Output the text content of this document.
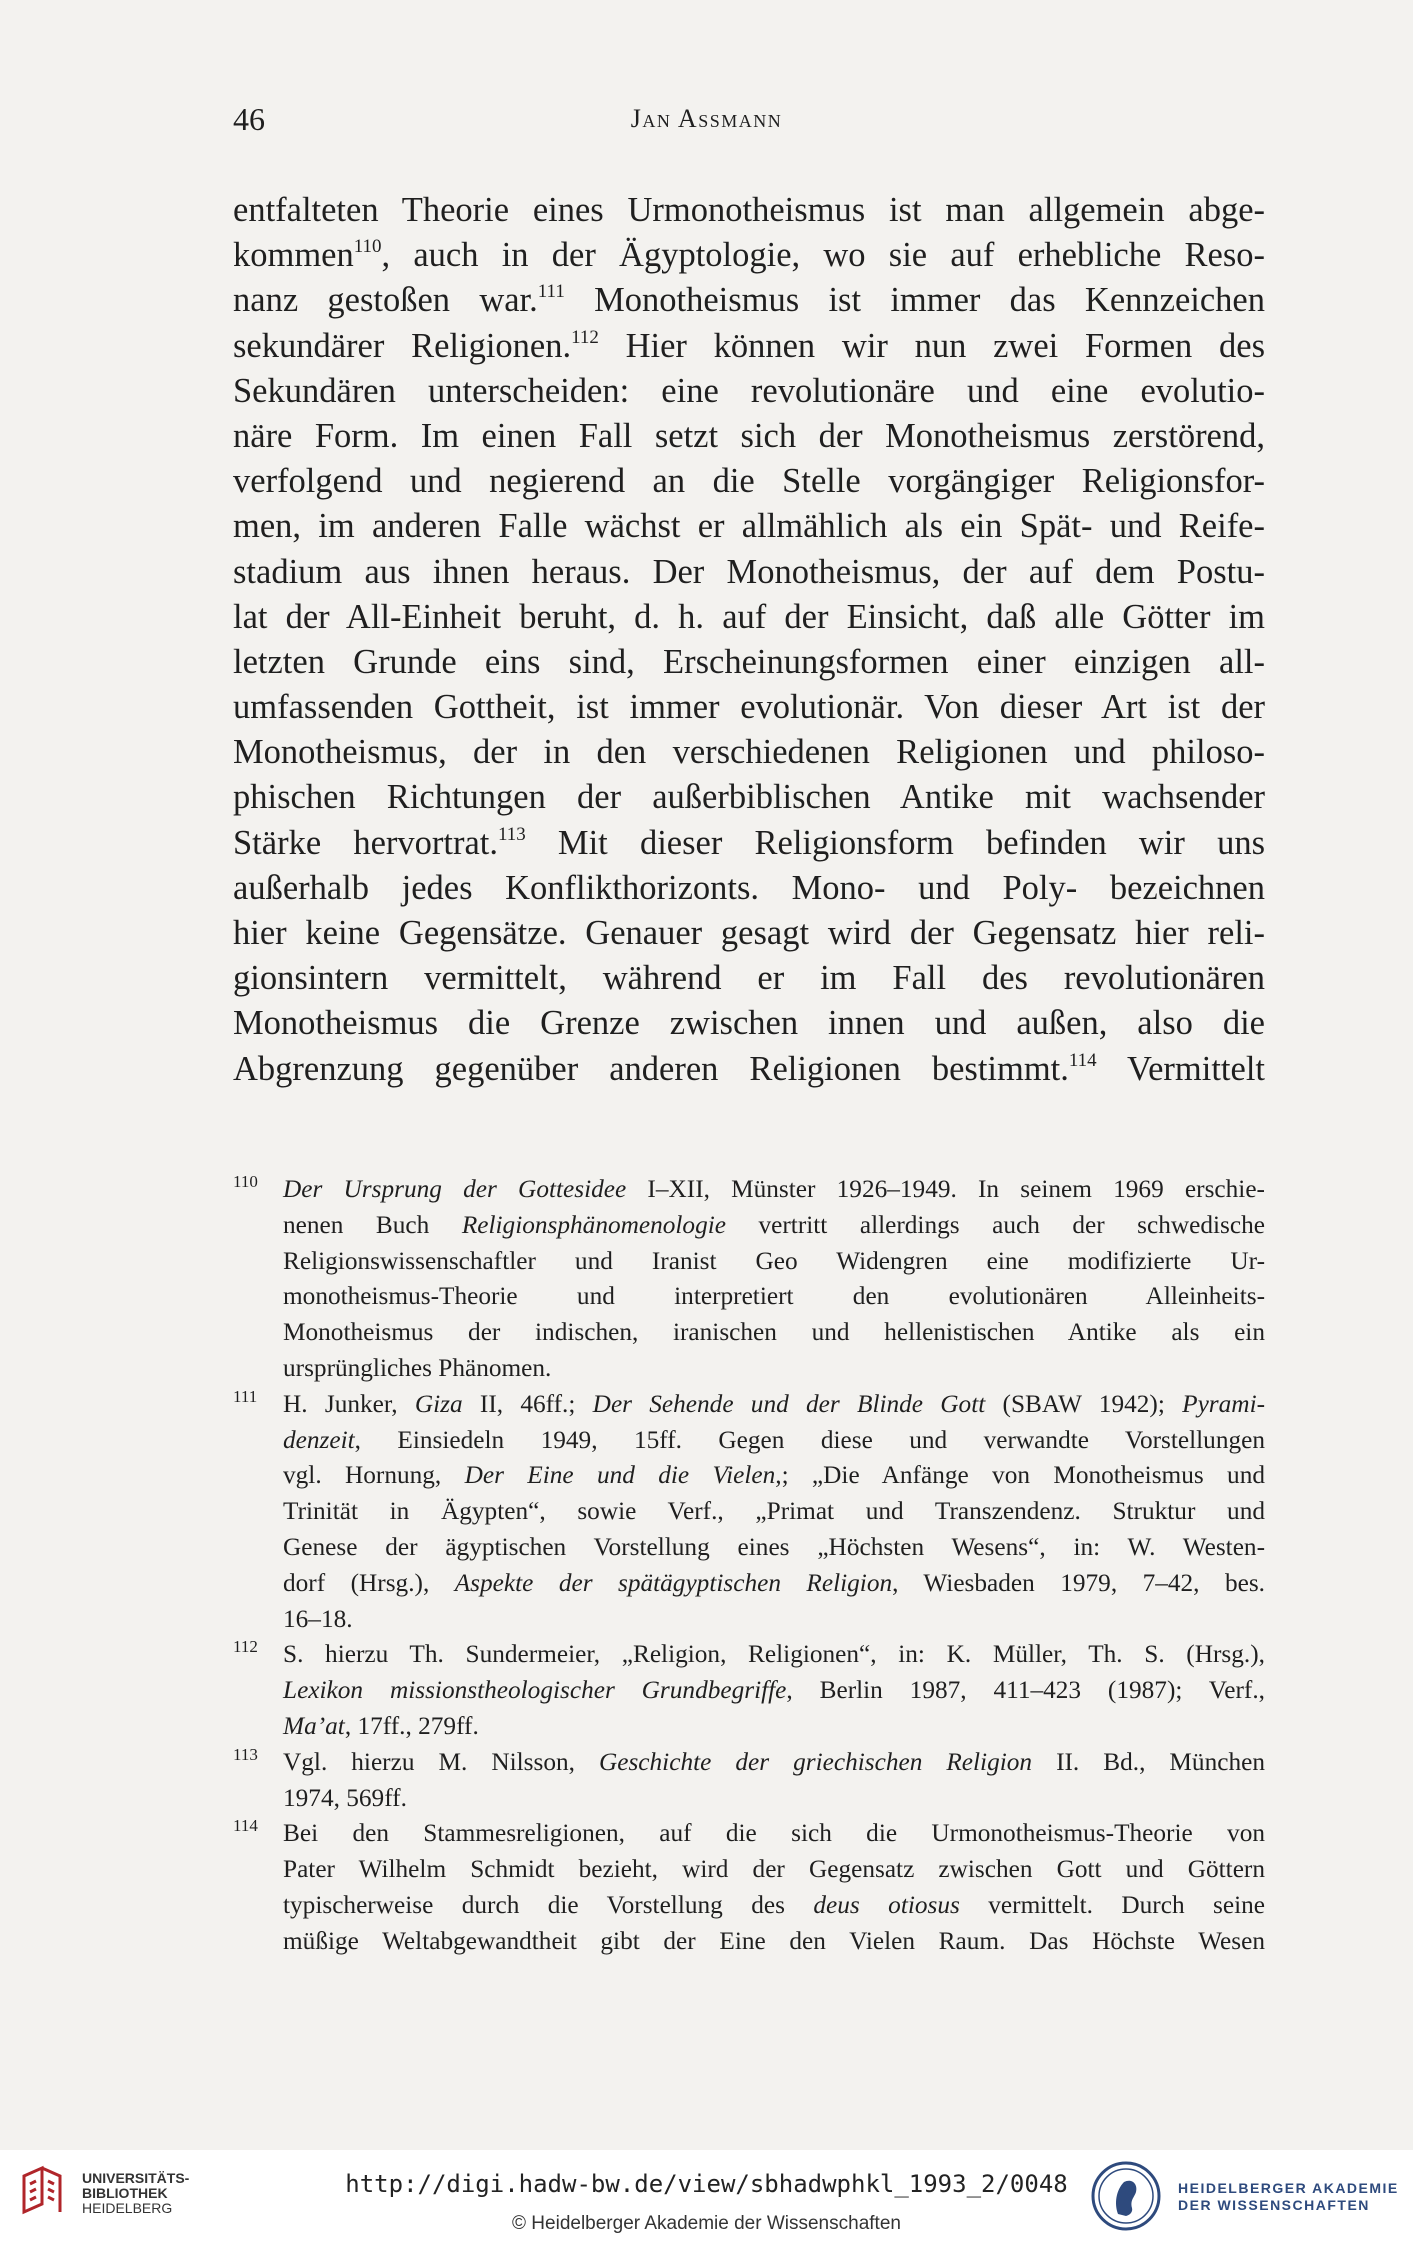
46	Jan Assmann
entfalteten Theorie eines Urmonotheismus ist man allgemein abge-
kommen$^{110}$, auch in der Ägyptologie, wo sie auf erhebliche Reso-
nanz gestoßen war.$^{111}$ Monotheismus ist immer das Kennzeichen
sekundärer Religionen.$^{112}$ Hier können wir nun zwei Formen des
Sekundären unterscheiden: eine revolutionäre und eine evolutio-
näre Form. Im einen Fall setzt sich der Monotheismus zerstörend,
verfolgend und negierend an die Stelle vorgängiger Religionsfor-
men, im anderen Falle wächst er allmählich als ein Spät- und Reife-
stadium aus ihnen heraus. Der Monotheismus, der auf dem Postu-
lat der All-Einheit beruht, d. h. auf der Einsicht, daß alle Götter im
letzten Grunde eins sind, Erscheinungsformen einer einzigen all-
umfassenden Gottheit, ist immer evolutionär. Von dieser Art ist der
Monotheismus, der in den verschiedenen Religionen und philoso-
phischen Richtungen der außerbiblischen Antike mit wachsender
Stärke hervortrat.$^{113}$ Mit dieser Religionsform befinden wir uns
außerhalb jedes Konflikthorizonts. Mono- und Poly- bezeichnen
hier keine Gegensätze. Genauer gesagt wird der Gegensatz hier reli-
gionsintern vermittelt, während er im Fall des revolutionären
Monotheismus die Grenze zwischen innen und außen, also die
Abgrenzung gegenüber anderen Religionen bestimmt.$^{114}$ Vermittelt
110 Der Ursprung der Gottesidee I–XII, Münster 1926–1949. In seinem 1969 erschie-
nenen Buch Religionsphänomenologie vertritt allerdings auch der schwedische
Religionswissenschaftler und Iranist Geo Widengren eine modifizierte Ur-
monotheismus-Theorie und interpretiert den evolutionären Alleinheits-
Monotheismus der indischen, iranischen und hellenistischen Antike als ein
ursprüngliches Phänomen.
111	H. Junker, Giza II, 46ff.; Der Sehende und der Blinde Gott (SBAW 1942); Pyrami-
denzeit, Einsiedeln 1949, 15ff. Gegen diese und verwandte Vorstellungen
vgl. Hornung, Der Eine und die Vielen,; „Die Anfänge von Monotheismus und
Trinität in Ägypten“, sowie Verf., „Primat und Transzendenz. Struktur und
Genese der ägyptischen Vorstellung eines „Höchsten Wesens“, in: W. Westen-
dorf (Hrsg.), Aspekte der spätägyptischen Religion, Wiesbaden 1979, 7–42, bes.
16–18.
112 S. hierzu Th. Sundermeier, „Religion, Religionen“, in: K. Müller, Th. S. (Hrsg.),
Lexikon missionstheologischer Grundbegriffe, Berlin 1987, 411–423 (1987); Verf.,
Ma’at, 17ff., 279ff.
113 Vgl. hierzu M. Nilsson, Geschichte der griechischen Religion II. Bd., München
1974, 569ff.
114 Bei den Stammesreligionen, auf die sich die Urmonotheismus-Theorie von
Pater Wilhelm Schmidt bezieht, wird der Gegensatz zwischen Gott und Göttern
typischerweise durch die Vorstellung des deus otiosus vermittelt. Durch seine
müßige Weltabgewandtheit gibt der Eine den Vielen Raum. Das Höchste Wesen
UNIVERSITÄTS-
BIBLIOTHEK
HEIDELBERG
http://digi.hadw-bw.de/view/sbhadwphkl_1993_2/0048
© Heidelberger Akademie der Wissenschaften
HEIDELBERGER AKADEMIE
DER WISSENSCHAFTEN
